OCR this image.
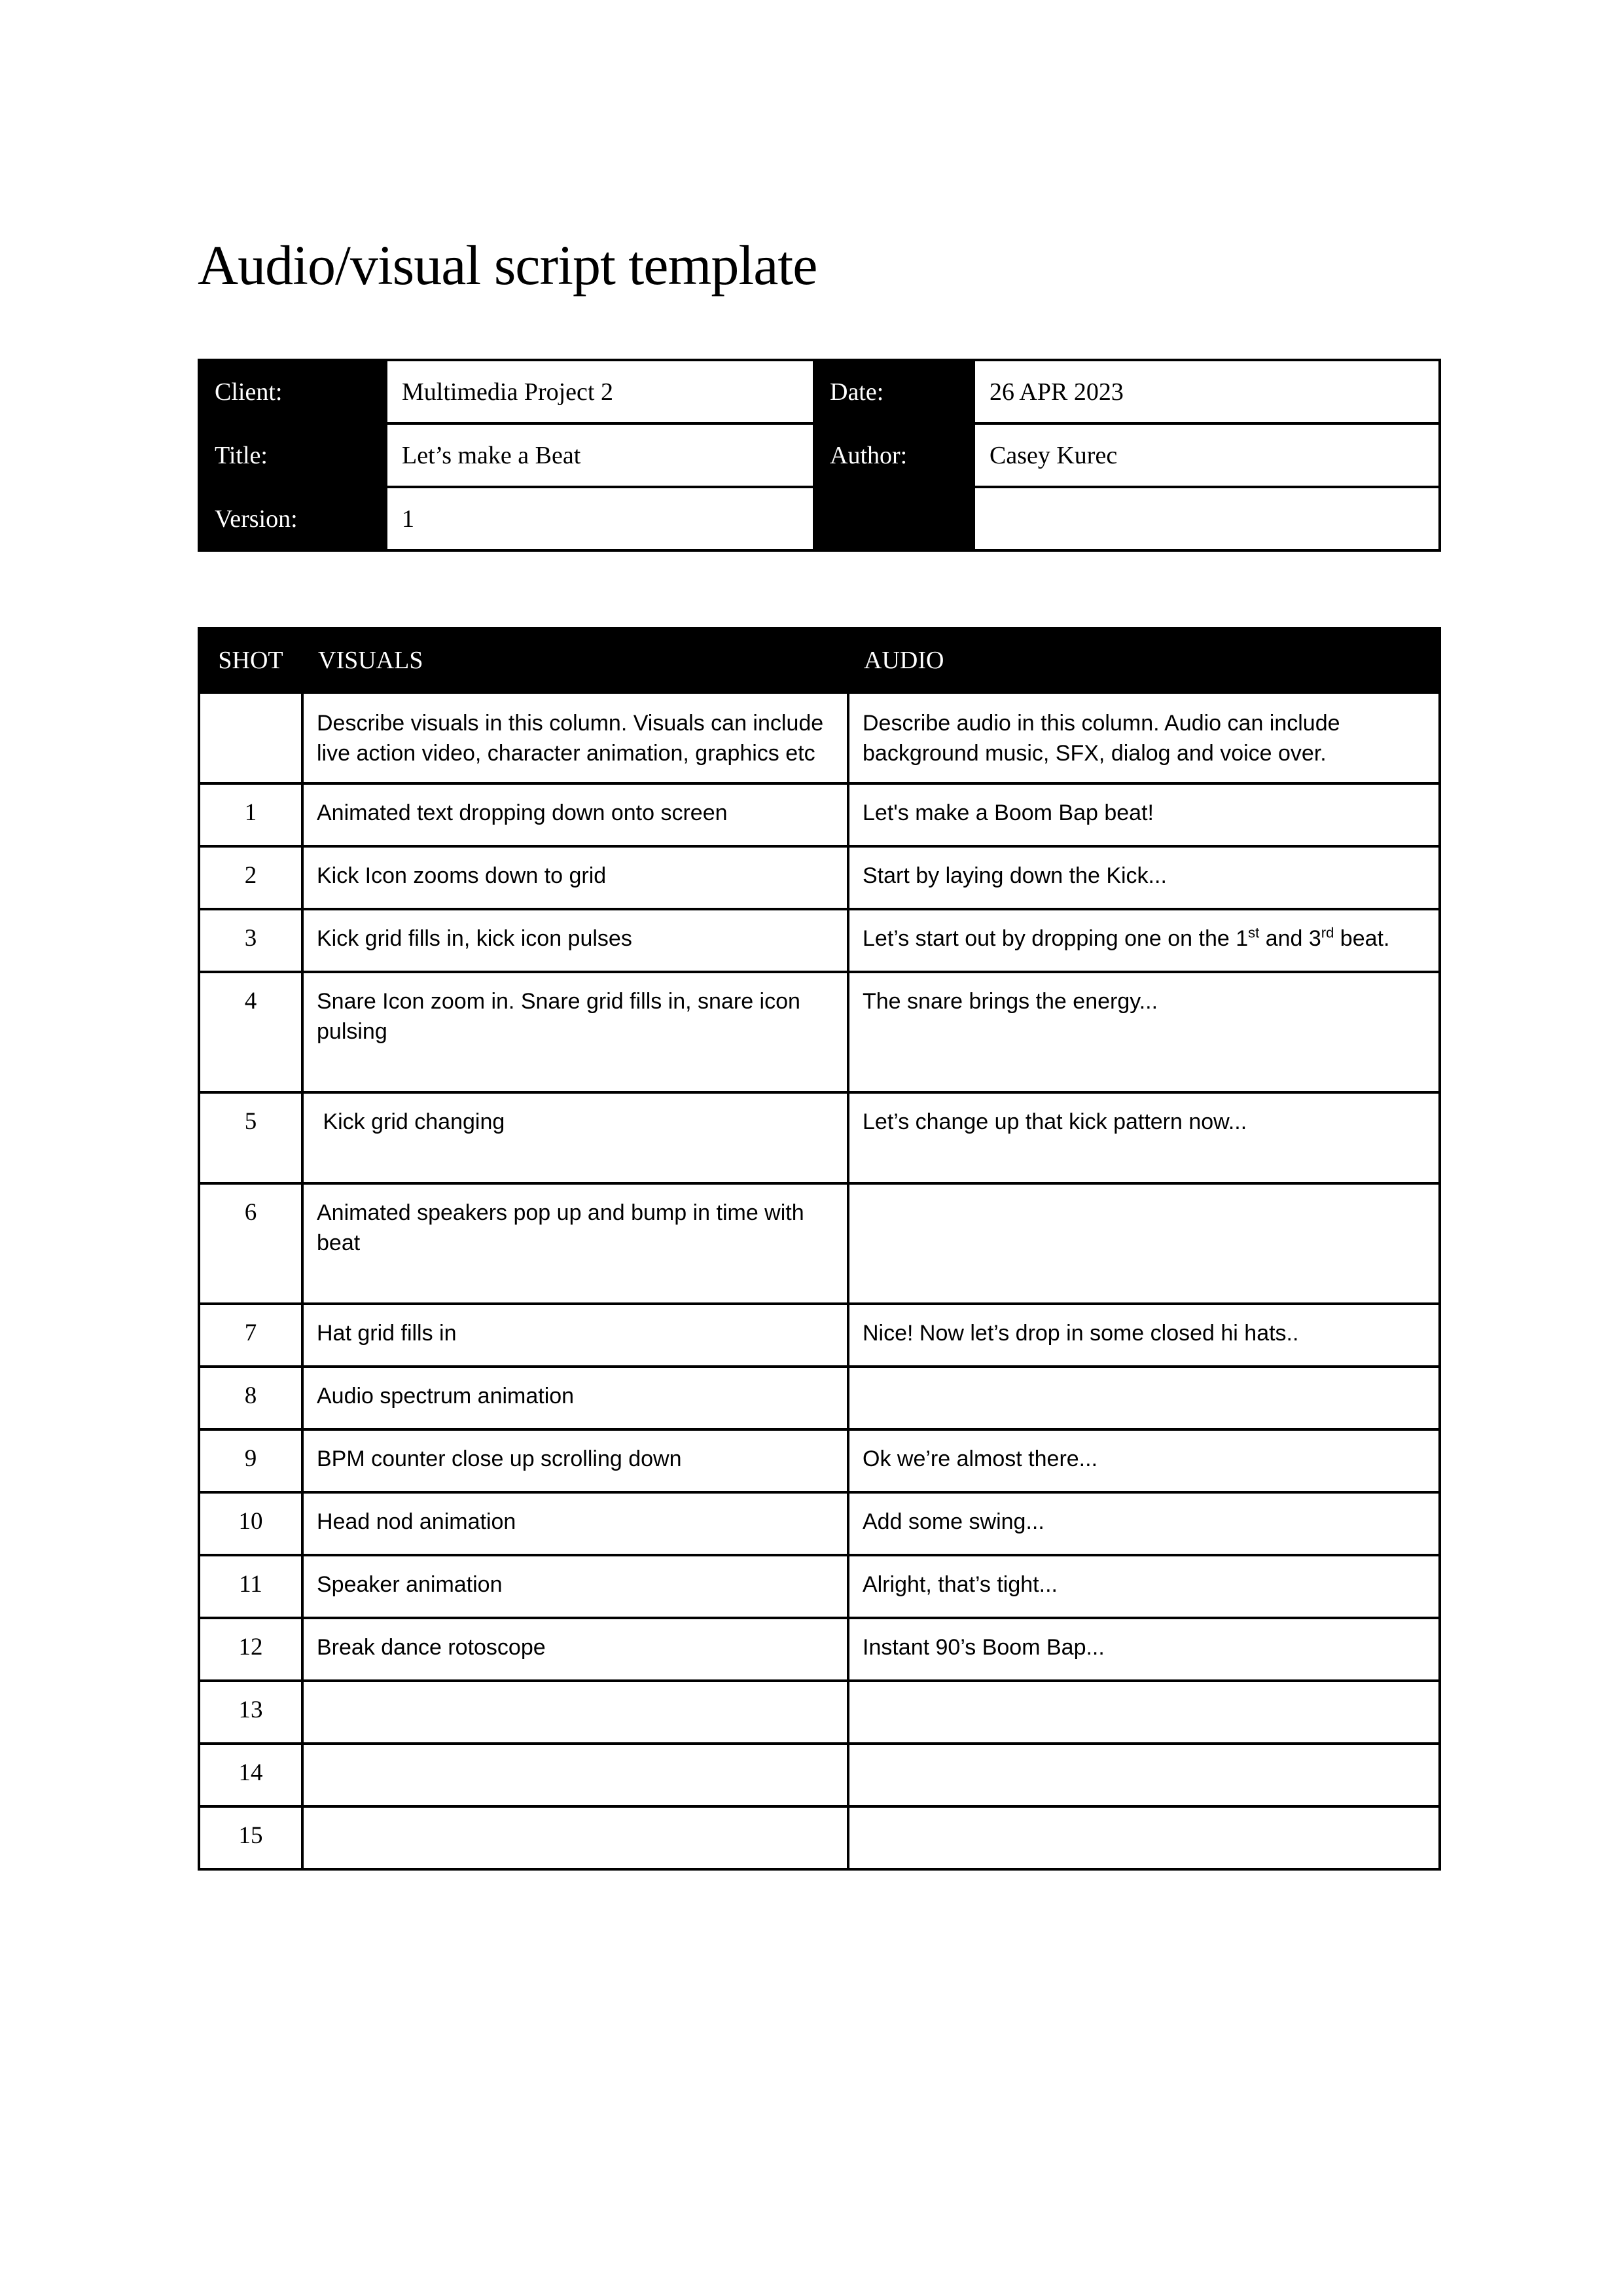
Audio/visual script template
Client:	Multimedia Project 2	Date:	26 APR 2023
Title:	Let’s make a Beat	Author:	Casey Kurec
Version:	1		
SHOT	VISUALS	AUDIO
	Describe visuals in this column. Visuals can include live action video, character animation, graphics etc	Describe audio in this column. Audio can include background music, SFX, dialog and voice over.
1	Animated text dropping down onto screen	Let's make a Boom Bap beat!
2	Kick Icon zooms down to grid	Start by laying down the Kick...
3	Kick grid fills in, kick icon pulses	Let’s start out by dropping one on the 1st and 3rd beat.
4	Snare Icon zoom in. Snare grid fills in, snare icon pulsing	The snare brings the energy...
5	Kick grid changing	Let’s change up that kick pattern now...
6	Animated speakers pop up and bump in time with beat	
7	Hat grid fills in	Nice! Now let’s drop in some closed hi hats..
8	Audio spectrum animation	
9	BPM counter close up scrolling down	Ok we’re almost there...
10	Head nod animation	Add some swing...
11	Speaker animation	Alright, that’s tight...
12	Break dance rotoscope	Instant 90’s Boom Bap...
13		
14		
15		
